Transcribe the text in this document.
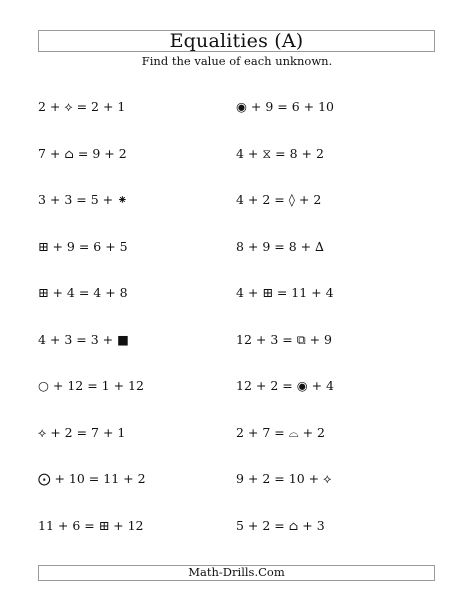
Equalities (A)
Find the value of each unknown.
2 + ⟡ = 2 + 1
7 + ⌂ = 9 + 2
3 + 3 = 5 + ⁕
⊞ + 9 = 6 + 5
⊞ + 4 = 4 + 8
4 + 3 = 3 + ■
○ + 12 = 1 + 12
⟡ + 2 = 7 + 1
⨀ + 10 = 11 + 2
11 + 6 = ⊞ + 12
◉ + 9 = 6 + 10
4 + ⧖ = 8 + 2
4 + 2 = ◊ + 2
8 + 9 = 8 + ∆
4 + ⊞ = 11 + 4
12 + 3 = ⧉ + 9
12 + 2 = ◉ + 4
2 + 7 = ⌓ + 2
9 + 2 = 10 + ⟡
5 + 2 = ⌂ + 3
Math-Drills.Com
